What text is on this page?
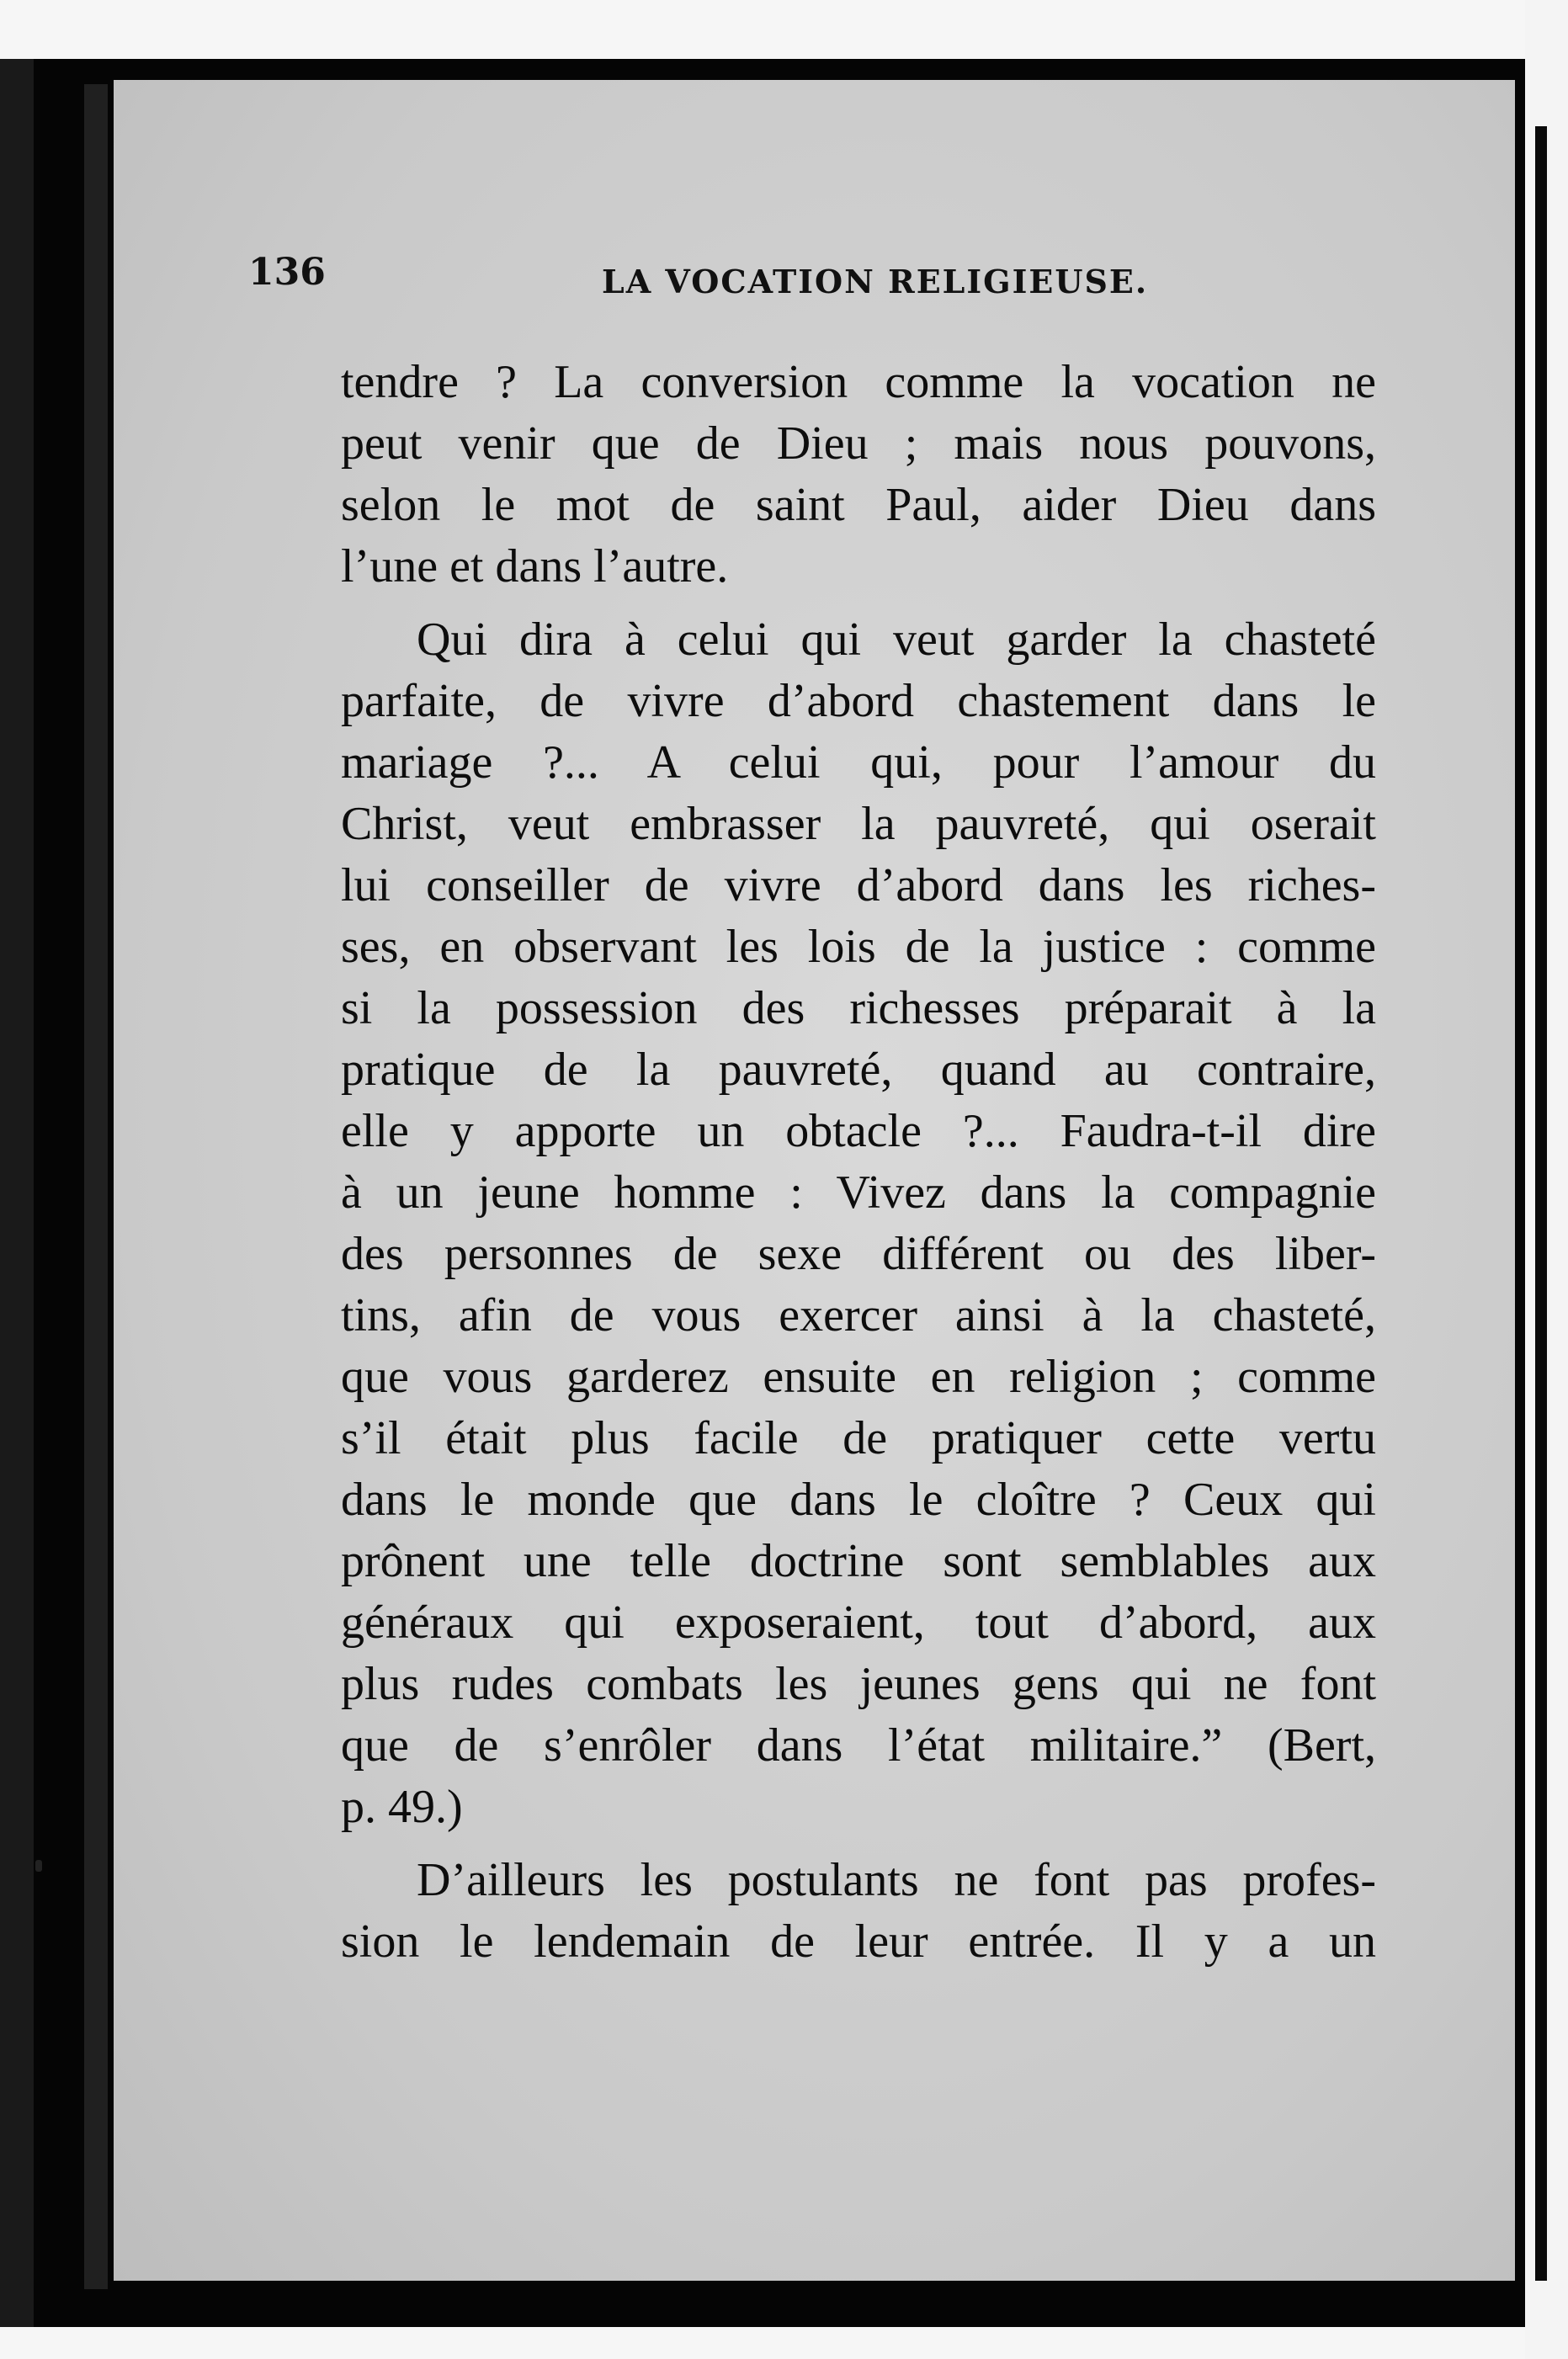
136	LA VOCATION RELIGIEUSE.
tendre ? La conversion comme la vocation ne
peut venir que de Dieu ; mais nous pouvons,
selon le mot de saint Paul, aider Dieu dans
l’une et dans l’autre.
Qui dira à celui qui veut garder la chasteté
parfaite, de vivre d’abord chastement dans le
mariage ?... A celui qui, pour l’amour du
Christ, veut embrasser la pauvreté, qui oserait
lui conseiller de vivre d’abord dans les riches-
ses, en observant les lois de la justice : comme
si la possession des richesses préparait à la
pratique de la pauvreté, quand au contraire,
elle y apporte un obtacle ?... Faudra-t-il dire
à un jeune homme : Vivez dans la compagnie
des personnes de sexe différent ou des liber-
tins, afin de vous exercer ainsi à la chasteté,
que vous garderez ensuite en religion ; comme
s’il était plus facile de pratiquer cette vertu
dans le monde que dans le cloître ? Ceux qui
prônent une telle doctrine sont semblables aux
généraux qui exposeraient, tout d’abord, aux
plus rudes combats les jeunes gens qui ne font
que de s’enrôler dans l’état militaire.” (Bert,
p. 49.)
D’ailleurs les postulants ne font pas profes-
sion le lendemain de leur entrée. Il y a un
